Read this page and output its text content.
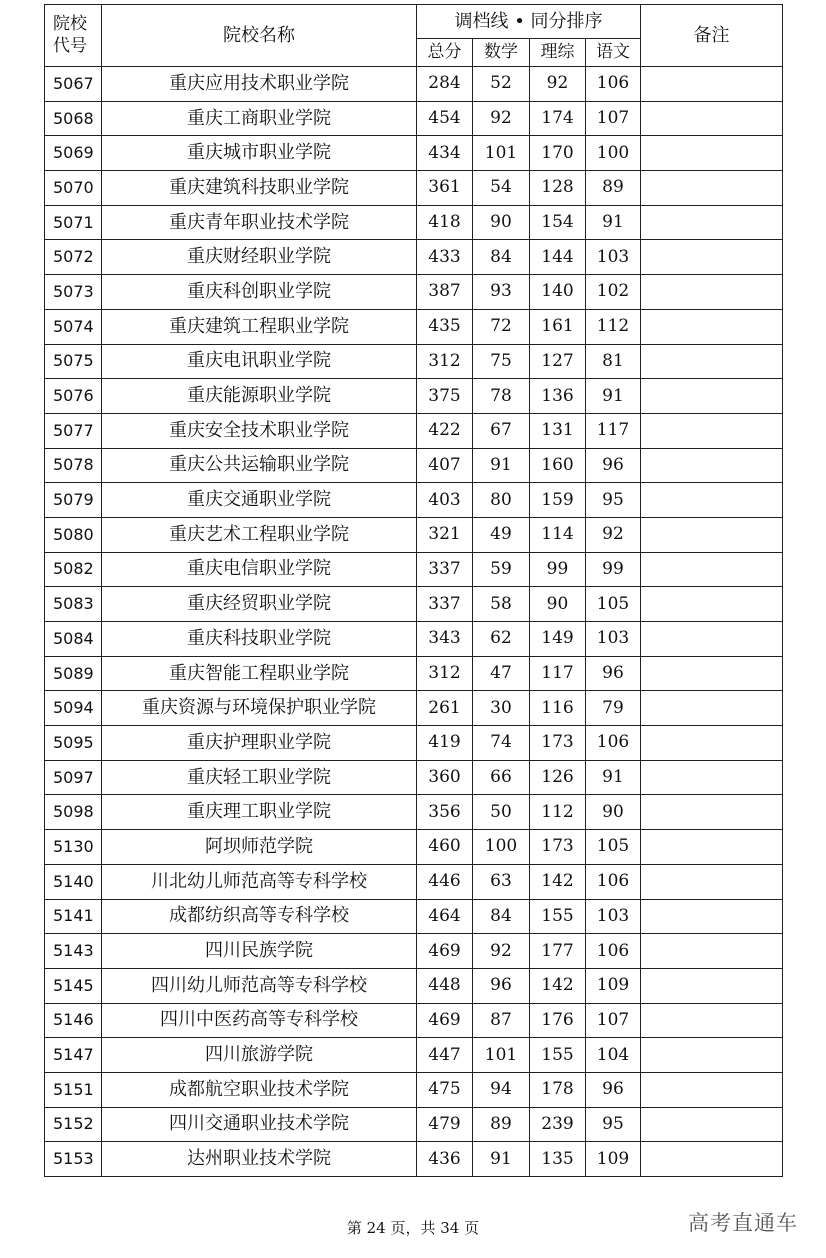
院校代号	院校名称	调档线 • 同分排序				备注
		总分	数学	理综	语文	
5067	重庆应用技术职业学院	284	52	92	106	
5068	重庆工商职业学院	454	92	174	107	
5069	重庆城市职业学院	434	101	170	100	
5070	重庆建筑科技职业学院	361	54	128	89	
5071	重庆青年职业技术学院	418	90	154	91	
5072	重庆财经职业学院	433	84	144	103	
5073	重庆科创职业学院	387	93	140	102	
5074	重庆建筑工程职业学院	435	72	161	112	
5075	重庆电讯职业学院	312	75	127	81	
5076	重庆能源职业学院	375	78	136	91	
5077	重庆安全技术职业学院	422	67	131	117	
5078	重庆公共运输职业学院	407	91	160	96	
5079	重庆交通职业学院	403	80	159	95	
5080	重庆艺术工程职业学院	321	49	114	92	
5082	重庆电信职业学院	337	59	99	99	
5083	重庆经贸职业学院	337	58	90	105	
5084	重庆科技职业学院	343	62	149	103	
5089	重庆智能工程职业学院	312	47	117	96	
5094	重庆资源与环境保护职业学院	261	30	116	79	
5095	重庆护理职业学院	419	74	173	106	
5097	重庆轻工职业学院	360	66	126	91	
5098	重庆理工职业学院	356	50	112	90	
5130	阿坝师范学院	460	100	173	105	
5140	川北幼儿师范高等专科学校	446	63	142	106	
5141	成都纺织高等专科学校	464	84	155	103	
5143	四川民族学院	469	92	177	106	
5145	四川幼儿师范高等专科学校	448	96	142	109	
5146	四川中医药高等专科学校	469	87	176	107	
5147	四川旅游学院	447	101	155	104	
5151	成都航空职业技术学院	475	94	178	96	
5152	四川交通职业技术学院	479	89	239	95	
5153	达州职业技术学院	436	91	135	109	
第 24 页，共 34 页	高考直通车
